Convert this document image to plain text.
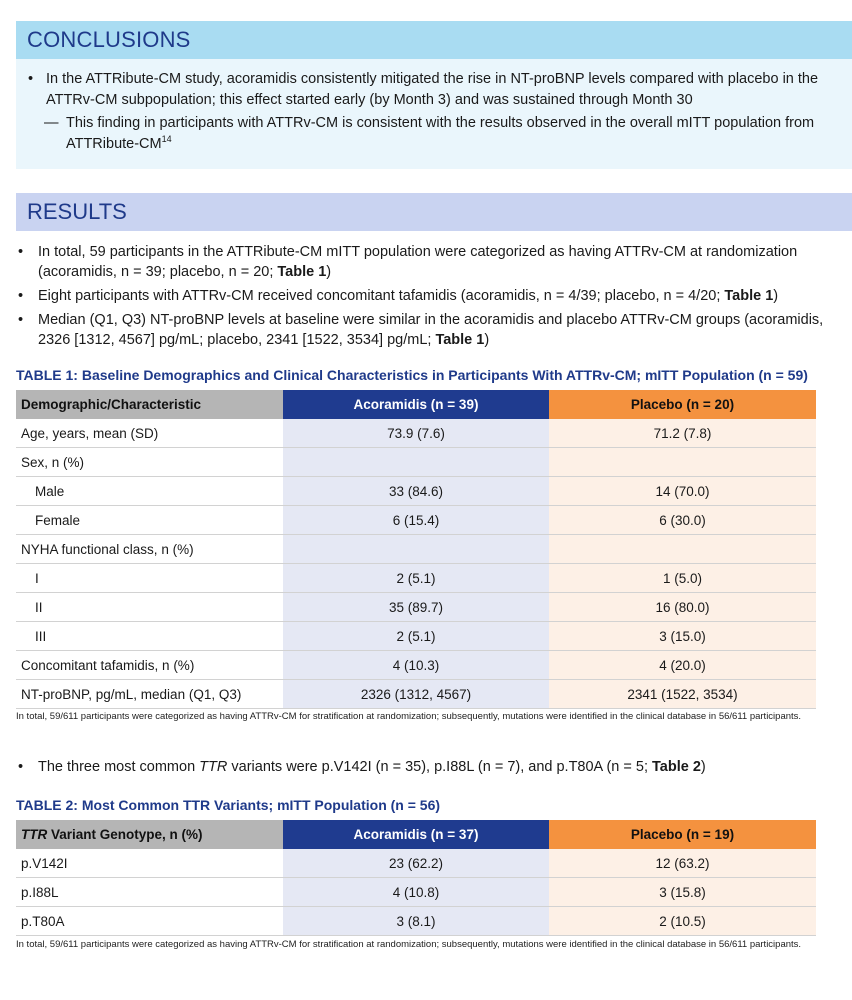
CONCLUSIONS
• In the ATTRibute-CM study, acoramidis consistently mitigated the rise in NT-proBNP levels compared with placebo in the ATTRv-CM subpopulation; this effect started early (by Month 3) and was sustained through Month 30
— This finding in participants with ATTRv-CM is consistent with the results observed in the overall mITT population from ATTRibute-CM$^{14}$
RESULTS
• In total, 59 participants in the ATTRibute-CM mITT population were categorized as having ATTRv-CM at randomization (acoramidis, n = 39; placebo, n = 20; Table 1)
• Eight participants with ATTRv-CM received concomitant tafamidis (acoramidis, n = 4/39; placebo, n = 4/20; Table 1)
• Median (Q1, Q3) NT-proBNP levels at baseline were similar in the acoramidis and placebo ATTRv-CM groups (acoramidis, 2326 [1312, 4567] pg/mL; placebo, 2341 [1522, 3534] pg/mL; Table 1)
TABLE 1: Baseline Demographics and Clinical Characteristics in Participants With ATTRv-CM; mITT Population (n = 59)
Demographic/Characteristic	Acoramidis (n = 39)	Placebo (n = 20)
Age, years, mean (SD)	73.9 (7.6)	71.2 (7.8)
Sex, n (%)		
Male	33 (84.6)	14 (70.0)
Female	6 (15.4)	6 (30.0)
NYHA functional class, n (%)		
I	2 (5.1)	1 (5.0)
II	35 (89.7)	16 (80.0)
III	2 (5.1)	3 (15.0)
Concomitant tafamidis, n (%)	4 (10.3)	4 (20.0)
NT-proBNP, pg/mL, median (Q1, Q3)	2326 (1312, 4567)	2341 (1522, 3534)
In total, 59/611 participants were categorized as having ATTRv-CM for stratification at randomization; subsequently, mutations were identified in the clinical database in 56/611 participants.
• The three most common TTR variants were p.V142I (n = 35), p.I88L (n = 7), and p.T80A (n = 5; Table 2)
TABLE 2: Most Common TTR Variants; mITT Population (n = 56)
TTR Variant Genotype, n (%)	Acoramidis (n = 37)	Placebo (n = 19)
p.V142I	23 (62.2)	12 (63.2)
p.I88L	4 (10.8)	3 (15.8)
p.T80A	3 (8.1)	2 (10.5)
In total, 59/611 participants were categorized as having ATTRv-CM for stratification at randomization; subsequently, mutations were identified in the clinical database in 56/611 participants.
